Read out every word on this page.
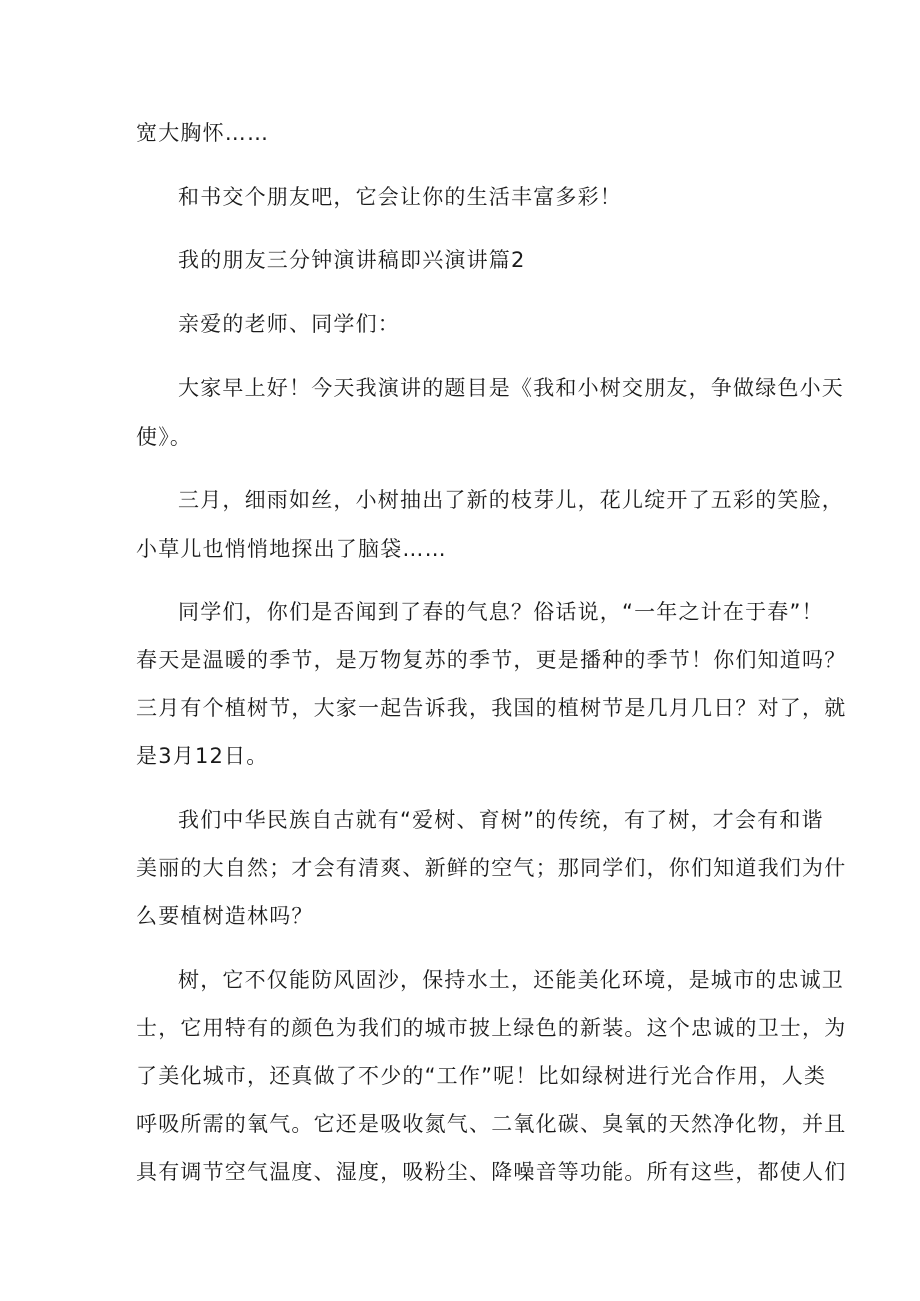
宽大胸怀……
和书交个朋友吧，它会让你的生活丰富多彩！
我的朋友三分钟演讲稿即兴演讲篇2
亲爱的老师、同学们：
大家早上好！今天我演讲的题目是《我和小树交朋友，争做绿色小天
使》。
三月，细雨如丝，小树抽出了新的枝芽儿，花儿绽开了五彩的笑脸，
小草儿也悄悄地探出了脑袋……
同学们，你们是否闻到了春的气息？俗话说，“一年之计在于春”！
春天是温暖的季节，是万物复苏的季节，更是播种的季节！你们知道吗？
三月有个植树节，大家一起告诉我，我国的植树节是几月几日？对了，就
是3月12日。
我们中华民族自古就有“爱树、育树”的传统，有了树，才会有和谐
美丽的大自然；才会有清爽、新鲜的空气；那同学们，你们知道我们为什
么要植树造林吗？
树，它不仅能防风固沙，保持水土，还能美化环境，是城市的忠诚卫
士，它用特有的颜色为我们的城市披上绿色的新装。这个忠诚的卫士，为
了美化城市，还真做了不少的“工作”呢！比如绿树进行光合作用，人类
呼吸所需的氧气。它还是吸收氮气、二氧化碳、臭氧的天然净化物，并且
具有调节空气温度、湿度，吸粉尘、降噪音等功能。所有这些，都使人们
